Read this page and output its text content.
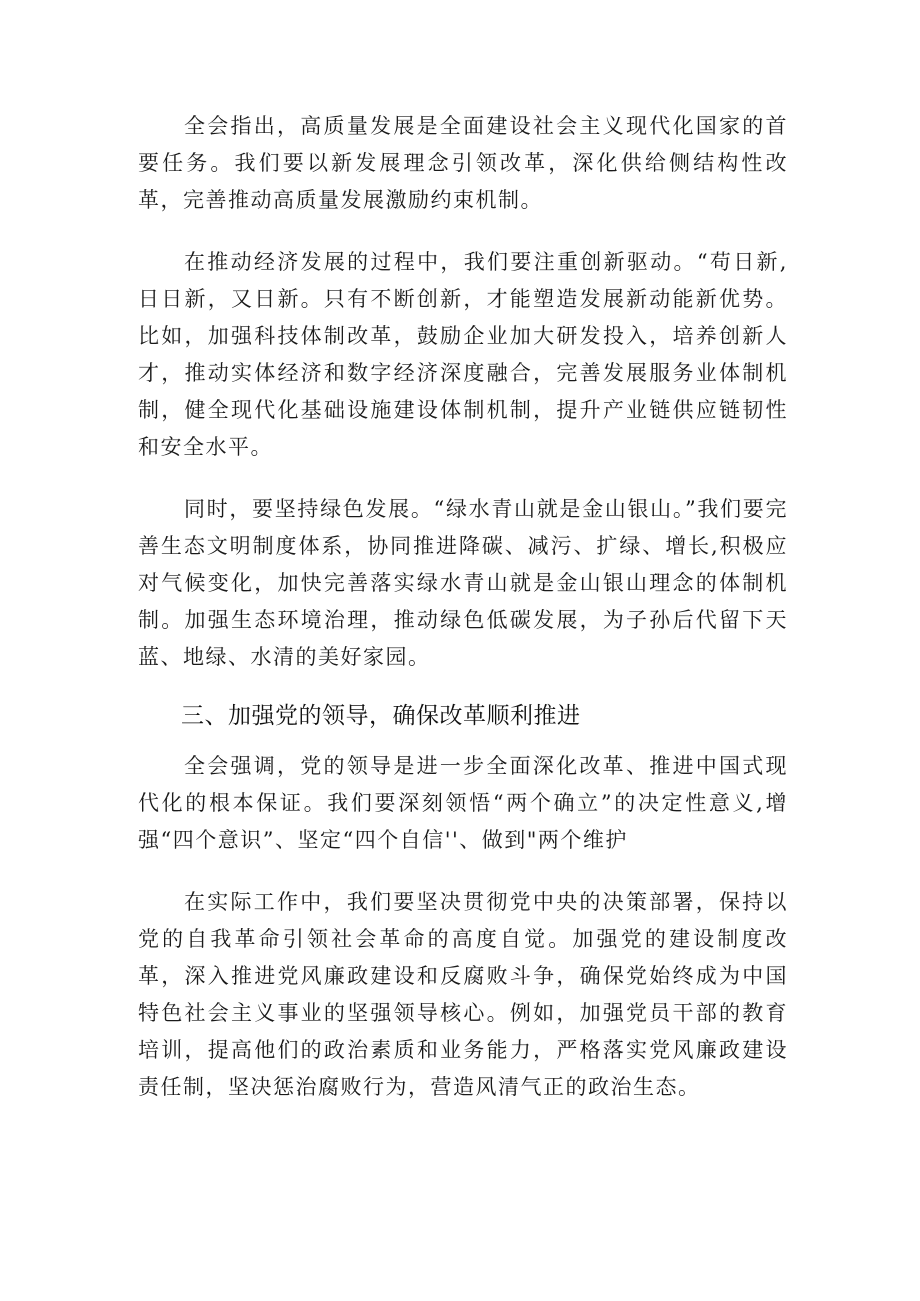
全会指出，高质量发展是全面建设社会主义现代化国家的首要任务。我们要以新发展理念引领改革，深化供给侧结构性改革，完善推动高质量发展激励约束机制。

在推动经济发展的过程中，我们要注重创新驱动。“苟日新,日日新，又日新。只有不断创新，才能塑造发展新动能新优势。比如，加强科技体制改革，鼓励企业加大研发投入，培养创新人才，推动实体经济和数字经济深度融合，完善发展服务业体制机制，健全现代化基础设施建设体制机制，提升产业链供应链韧性和安全水平。

同时，要坚持绿色发展。“绿水青山就是金山银山。”我们要完善生态文明制度体系，协同推进降碳、减污、扩绿、增长,积极应对气候变化，加快完善落实绿水青山就是金山银山理念的体制机制。加强生态环境治理，推动绿色低碳发展，为子孙后代留下天蓝、地绿、水清的美好家园。

三、加强党的领导，确保改革顺利推进

全会强调，党的领导是进一步全面深化改革、推进中国式现代化的根本保证。我们要深刻领悟“两个确立”的决定性意义,增强“四个意识”、坚定“四个自信''、做到"两个维护

在实际工作中，我们要坚决贯彻党中央的决策部署，保持以党的自我革命引领社会革命的高度自觉。加强党的建设制度改革，深入推进党风廉政建设和反腐败斗争，确保党始终成为中国特色社会主义事业的坚强领导核心。例如，加强党员干部的教育培训，提高他们的政治素质和业务能力，严格落实党风廉政建设责任制，坚决惩治腐败行为，营造风清气正的政治生态。
